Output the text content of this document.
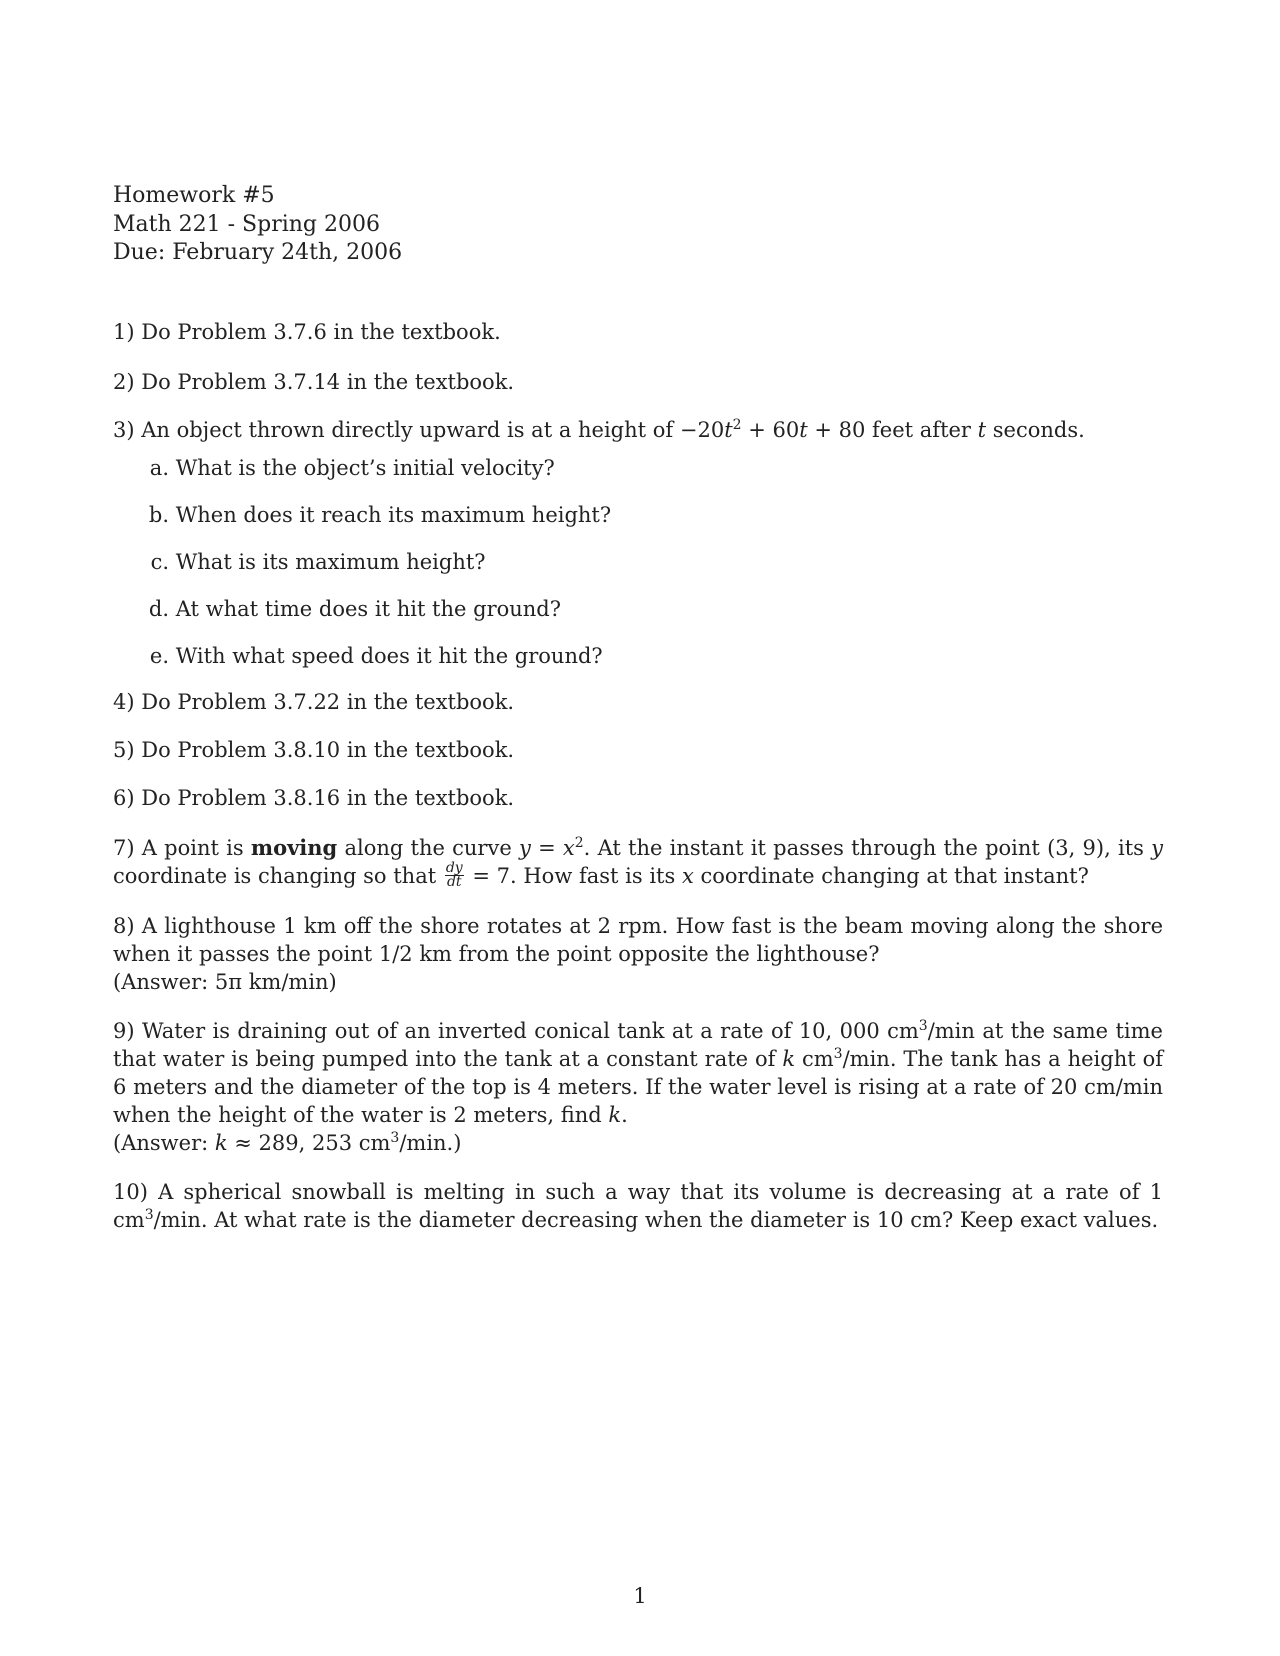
Homework #5
Math 221 - Spring 2006
Due: February 24th, 2006

1) Do Problem 3.7.6 in the textbook.

2) Do Problem 3.7.14 in the textbook.

3) An object thrown directly upward is at a height of $-20t^2 + 60t + 80$ feet after t seconds.

a. What is the object’s initial velocity?
b. When does it reach its maximum height?
c. What is its maximum height?
d. At what time does it hit the ground?
e. With what speed does it hit the ground?

4) Do Problem 3.7.22 in the textbook.

5) Do Problem 3.8.10 in the textbook.

6) Do Problem 3.8.16 in the textbook.

7) A point is moving along the curve $y = x^2$. At the instant it passes through the point (3, 9), its y coordinate is changing so that $\frac{dy}{dt} = 7$. How fast is its x coordinate changing at that instant?

8) A lighthouse 1 km off the shore rotates at 2 rpm. How fast is the beam moving along the shore when it passes the point 1/2 km from the point opposite the lighthouse?

(Answer: 5π km/min)

9) Water is draining out of an inverted conical tank at a rate of 10, 000 $cm^3/\min$ at the same time that water is being pumped into the tank at a constant rate of k $cm^3/\min$. The tank has a height of 6 meters and the diameter of the top is 4 meters. If the water level is rising at a rate of 20 cm/min when the height of the water is 2 meters, find k.

(Answer: k ≈ 289, 253 $cm^3/\min$.)

10) A spherical snowball is melting in such a way that its volume is decreasing at a rate of 1 $cm^3/\min$. At what rate is the diameter decreasing when the diameter is 10 cm? Keep exact values.

1
